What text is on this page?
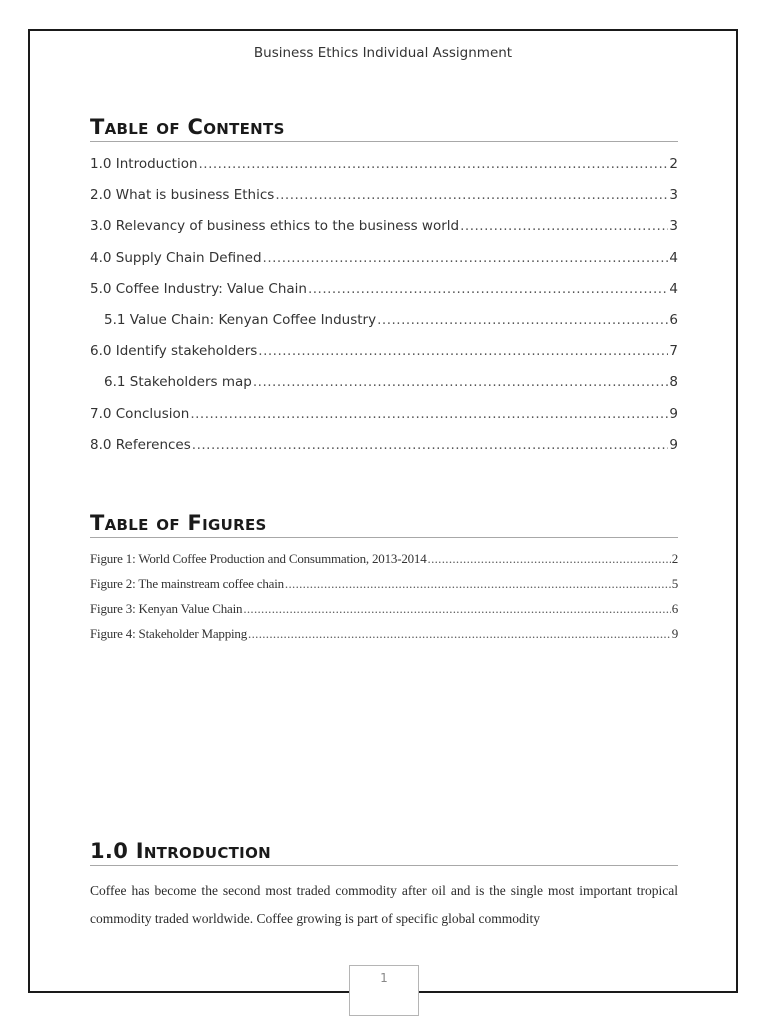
Business Ethics Individual Assignment
Table of Contents
1.0 Introduction .....	2
2.0 What is business Ethics .....	3
3.0 Relevancy of business ethics to the business world .....	3
4.0 Supply Chain Defined .....	4
5.0 Coffee Industry: Value Chain .....	4
5.1 Value Chain: Kenyan Coffee Industry .....	6
6.0 Identify stakeholders .....	7
6.1 Stakeholders map .....	8
7.0 Conclusion .....	9
8.0 References .....	9
Table of Figures
Figure 1: World Coffee Production and Consummation, 2013-2014 .....	2
Figure 2: The mainstream coffee chain .....	5
Figure 3: Kenyan Value Chain .....	6
Figure 4: Stakeholder Mapping .....	9
1.0 Introduction

Coffee has become the second most traded commodity after oil and is the single most important tropical commodity traded worldwide. Coffee growing is part of specific global commodity

1
